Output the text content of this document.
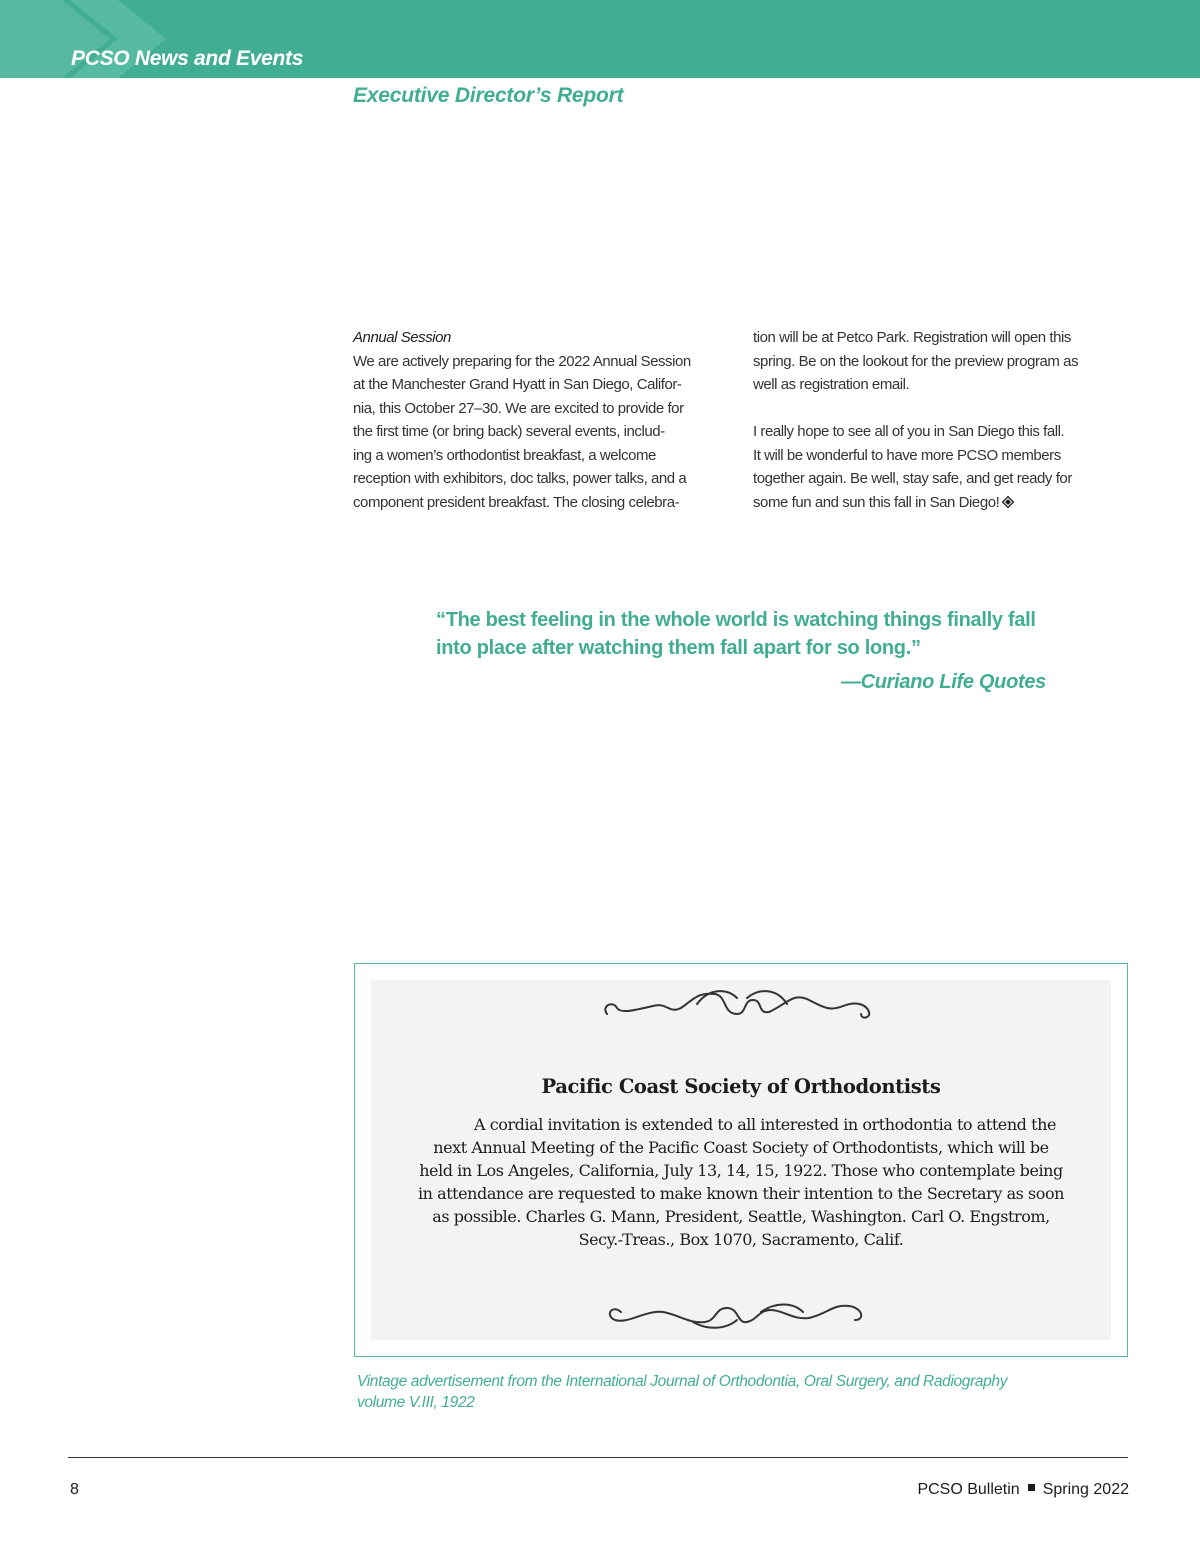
PCSO News and Events
Executive Director’s Report
Annual Session
We are actively preparing for the 2022 Annual Session
at the Manchester Grand Hyatt in San Diego, Califor-
nia, this October 27–30. We are excited to provide for
the first time (or bring back) several events, includ-
ing a women’s orthodontist breakfast, a welcome
reception with exhibitors, doc talks, power talks, and a
component president breakfast. The closing celebra-
tion will be at Petco Park. Registration will open this
spring. Be on the lookout for the preview program as
well as registration email.
I really hope to see all of you in San Diego this fall.
It will be wonderful to have more PCSO members
together again. Be well, stay safe, and get ready for
some fun and sun this fall in San Diego!
“The best feeling in the whole world is watching things finally fall
into place after watching them fall apart for so long.”
—Curiano Life Quotes
Pacific Coast Society of Orthodontists
A cordial invitation is extended to all interested in orthodontia to attend the
next Annual Meeting of the Pacific Coast Society of Orthodontists, which will be
held in Los Angeles, California, July 13, 14, 15, 1922. Those who contemplate being
in attendance are requested to make known their intention to the Secretary as soon
as possible. Charles G. Mann, President, Seattle, Washington. Carl O. Engstrom,
Secy.-Treas., Box 1070, Sacramento, Calif.
Vintage advertisement from the International Journal of Orthodontia, Oral Surgery, and Radiography
volume V.III, 1922
8	PCSO Bulletin Spring 2022
